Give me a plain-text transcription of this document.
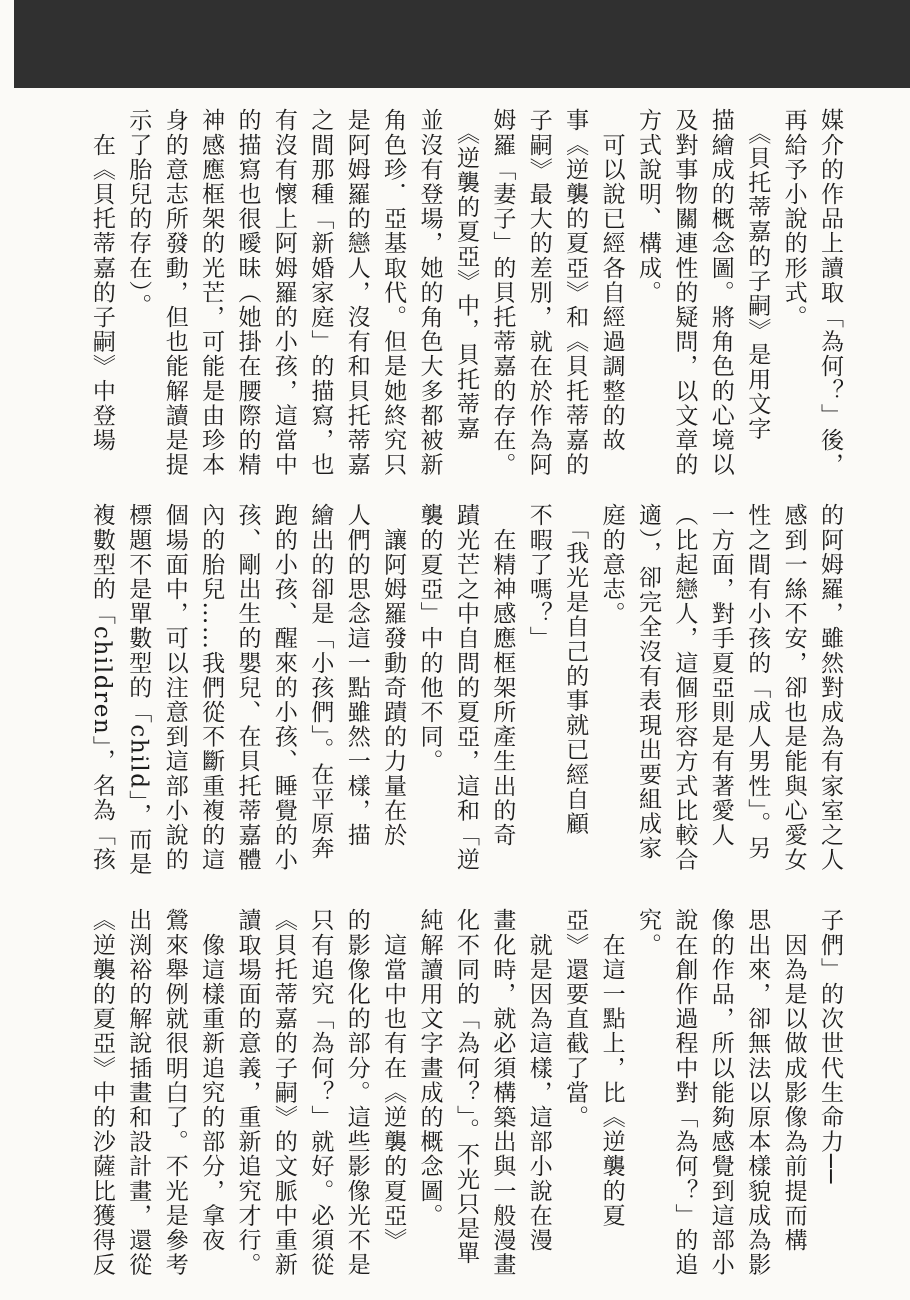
媒介的作品上讀取「為何？」後，
再給予小說的形式。
　《貝托蒂嘉的子嗣》是用文字
描繪成的概念圖。將角色的心境以
及對事物關連性的疑問，以文章的
方式說明、構成。
　可以說已經各自經過調整的故
事《逆襲的夏亞》和《貝托蒂嘉的
子嗣》最大的差別，就在於作為阿
姆羅「妻子」的貝托蒂嘉的存在。
　《逆襲的夏亞》中，貝托蒂嘉
並沒有登場，她的角色大多都被新
角色珍．亞基取代。但是她終究只
是阿姆羅的戀人，沒有和貝托蒂嘉
之間那種「新婚家庭」的描寫，也
有沒有懷上阿姆羅的小孩，這當中
的描寫也很曖昧（她掛在腰際的精
神感應框架的光芒，可能是由珍本
身的意志所發動，但也能解讀是提
示了胎兒的存在）。
　在《貝托蒂嘉的子嗣》中登場
的阿姆羅，雖然對成為有家室之人
感到一絲不安，卻也是能與心愛女
性之間有小孩的「成人男性」。另
一方面，對手夏亞則是有著愛人
（比起戀人，這個形容方式比較合
適），卻完全沒有表現出要組成家
庭的意志。
　「我光是自己的事就已經自顧
不暇了嗎？」
　在精神感應框架所產生出的奇
蹟光芒之中自問的夏亞，這和「逆
襲的夏亞」中的他不同。
　讓阿姆羅發動奇蹟的力量在於
人們的思念這一點雖然一樣，描
繪出的卻是「小孩們」。在平原奔
跑的小孩、醒來的小孩、睡覺的小
孩、剛出生的嬰兒、在貝托蒂嘉體
內的胎兒……我們從不斷重複的這
個場面中，可以注意到這部小說的
標題不是單數型的「child」，而是
複數型的「children」，名為「孩
子們」的次世代生命力──
　因為是以做成影像為前提而構
思出來，卻無法以原本樣貌成為影
像的作品，所以能夠感覺到這部小
說在創作過程中對「為何？」的追
究。
　在這一點上，比《逆襲的夏
亞》還要直截了當。
　就是因為這樣，這部小說在漫
畫化時，就必須構築出與一般漫畫
化不同的「為何？」。不光只是單
純解讀用文字畫成的概念圖。
　這當中也有在《逆襲的夏亞》
的影像化的部分。這些影像光不是
只有追究「為何？」就好。必須從
《貝托蒂嘉的子嗣》的文脈中重新
讀取場面的意義，重新追究才行。
　像這樣重新追究的部分，拿夜
鶯來舉例就很明白了。不光是參考
出渕裕的解說插畫和設計畫，還從
《逆襲的夏亞》中的沙薩比獲得反
